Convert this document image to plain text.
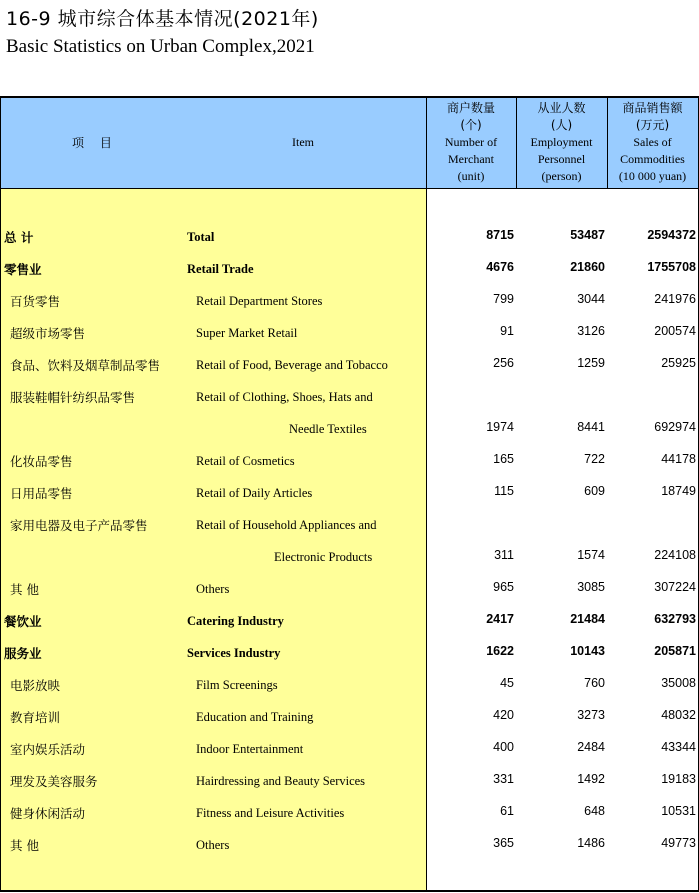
16-9 城市综合体基本情况(2021年)
Basic Statistics on Urban Complex,2021
项 目	Item
商户数量
(个)
Number of
Merchant
(unit)
从业人数
(人)
Employment
Personnel
(person)
商品销售额
(万元)
Sales of
Commodities
(10 000 yuan)
总 计	Total	8715	53487	2594372
零售业	Retail Trade	4676	21860	1755708
百货零售	Retail Department Stores	799	3044	241976
超级市场零售	Super Market Retail	91	3126	200574
食品、饮料及烟草制品零售	Retail of Food, Beverage and Tobacco	256	1259	25925
服装鞋帽针纺织品零售	Retail of Clothing, Shoes, Hats and
Needle Textiles	1974	8441	692974
化妆品零售	Retail of Cosmetics	165	722	44178
日用品零售	Retail of Daily Articles	115	609	18749
家用电器及电子产品零售	Retail of Household Appliances and
Electronic Products	311	1574	224108
其 他	Others	965	3085	307224
餐饮业	Catering Industry	2417	21484	632793
服务业	Services Industry	1622	10143	205871
电影放映	Film Screenings	45	760	35008
教育培训	Education and Training	420	3273	48032
室内娱乐活动	Indoor Entertainment	400	2484	43344
理发及美容服务	Hairdressing and Beauty Services	331	1492	19183
健身休闲活动	Fitness and Leisure Activities	61	648	10531
其 他	Others	365	1486	49773
